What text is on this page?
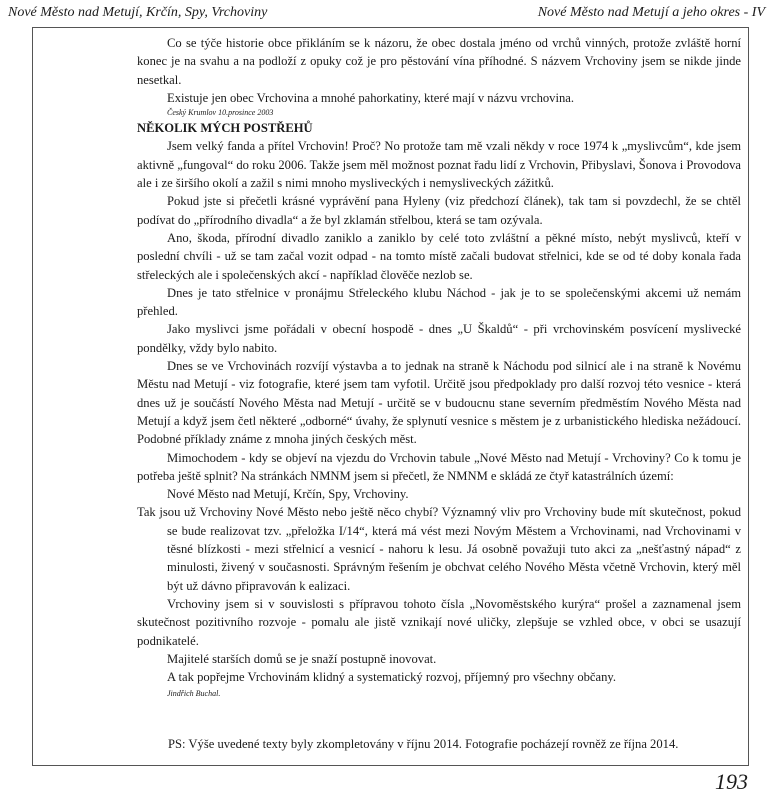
Nové Město nad Metují, Krčín, Spy, Vrchoviny	Nové Město nad Metují a jeho okres - IV

Co se týče historie obce přikláním se k názoru, že obec dostala jméno od vrchů vinných, protože zvláště horní konec je na svahu a na podloží z opuky což je pro pěstování vína příhodné. S názvem Vrchoviny jsem se nikde jinde nesetkal.

Existuje jen obec Vrchovina a mnohé pahorkatiny, které mají v názvu vrchovina.

Český Krumlov 10.prosince 2003

NĚKOLIK MÝCH POSTŘEHŮ

Jsem velký fanda a přítel Vrchovin! Proč? No protože tam mě vzali někdy v roce 1974 k „myslivcům“, kde jsem aktivně „fungoval“ do roku 2006. Takže jsem měl možnost poznat řadu lidí z Vrchovin, Přibyslavi, Šonova i Provodova ale i ze širšího okolí a zažil s nimi mnoho mysliveckých i nemysliveckých zážitků.

Pokud jste si přečetli krásné vyprávění pana Hyleny (viz předchozí článek), tak tam si povzdechl, že se chtěl podívat do „přírodního divadla“ a že byl zklamán střelbou, která se tam ozývala.

Ano, škoda, přírodní divadlo zaniklo a zaniklo by celé toto zvláštní a pěkné místo, nebýt myslivců, kteří v poslední chvíli - už se tam začal vozit odpad - na tomto místě začali budovat střelnici, kde se od té doby konala řada střeleckých ale i společenských akcí - například člověče nezlob se.

Dnes je tato střelnice v pronájmu Střeleckého klubu Náchod - jak je to se společenskými akcemi už nemám přehled.

Jako myslivci jsme pořádali v obecní hospodě - dnes „U Škaldů“ - při vrchovinském posvícení myslivecké pondělky, vždy bylo nabito.

Dnes se ve Vrchovinách rozvíjí výstavba a to jednak na straně k Náchodu pod silnicí ale i na straně k Novému Městu nad Metují - viz fotografie, které jsem tam vyfotil. Určitě jsou předpoklady pro další rozvoj této vesnice - která dnes už je součástí Nového Města nad Metují - určitě se v budoucnu stane severním předměstím Nového Města nad Metují a když jsem četl některé „odborné“ úvahy, že splynutí vesnice s městem je z urbanistického hlediska nežádoucí. Podobné příklady známe z mnoha jiných českých měst.

Mimochodem - kdy se objeví na vjezdu do Vrchovin tabule „Nové Město nad Metují - Vrchoviny? Co k tomu je potřeba ještě splnit? Na stránkách NMNM jsem si přečetl, že NMNM e skládá ze čtyř katastrálních území:

Nové Město nad Metují, Krčín, Spy, Vrchoviny.

Tak jsou už Vrchoviny Nové Město nebo ještě něco chybí? Významný vliv pro Vrchoviny bude mít skutečnost, pokud se bude realizovat tzv. „přeložka I/14“, která má vést mezi Novým Městem a Vrchovinami, nad Vrchovinami v těsné blízkosti - mezi střelnicí a vesnicí - nahoru k lesu. Já osobně považuji tuto akci za „nešťastný nápad“ z minulosti, živený v současnosti. Správným řešením je obchvat celého Nového Města včetně Vrchovin, který měl být už dávno připravován k ealizaci.

Vrchoviny jsem si v souvislosti s přípravou tohoto čísla „Novoměstského kurýra“ prošel a zaznamenal jsem skutečnost pozitivního rozvoje - pomalu ale jistě vznikají nové uličky, zlepšuje se vzhled obce, v obci se usazují podnikatelé.

Majitelé starších domů se je snaží postupně inovovat.

A tak popřejme Vrchovinám klidný a systematický rozvoj, příjemný pro všechny občany.

Jindřich Buchal.

PS: Výše uvedené texty byly zkompletovány v říjnu 2014. Fotografie pocházejí rovněž ze října 2014.
193
